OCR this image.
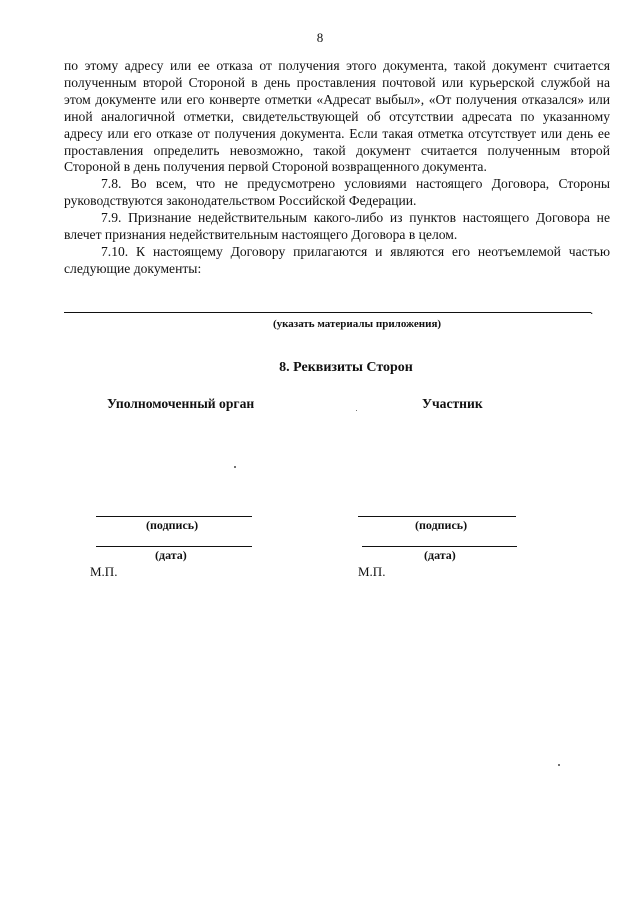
8

по этому адресу или ее отказа от получения этого документа, такой документ считается полученным второй Стороной в день проставления почтовой или курьерской службой на этом документе или его конверте отметки «Адресат выбыл», «От получения отказался» или иной аналогичной отметки, свидетельствующей об отсутствии адресата по указанному адресу или его отказе от получения документа. Если такая отметка отсутствует или день ее проставления определить невозможно, такой документ считается полученным второй Стороной в день получения первой Стороной возвращенного документа.

7.8. Во всем, что не предусмотрено условиями настоящего Договора, Стороны руководствуются законодательством Российской Федерации.

7.9. Признание недействительным какого-либо из пунктов настоящего Договора не влечет признания недействительным настоящего Договора в целом.

7.10. К настоящему Договору прилагаются и являются его неотъемлемой частью следующие документы:

.
(указать материалы приложения)
8. Реквизиты Сторон
Уполномоченный орган	Участник
(подпись)
(дата)
М.П.
(подпись)
(дата)
М.П.
